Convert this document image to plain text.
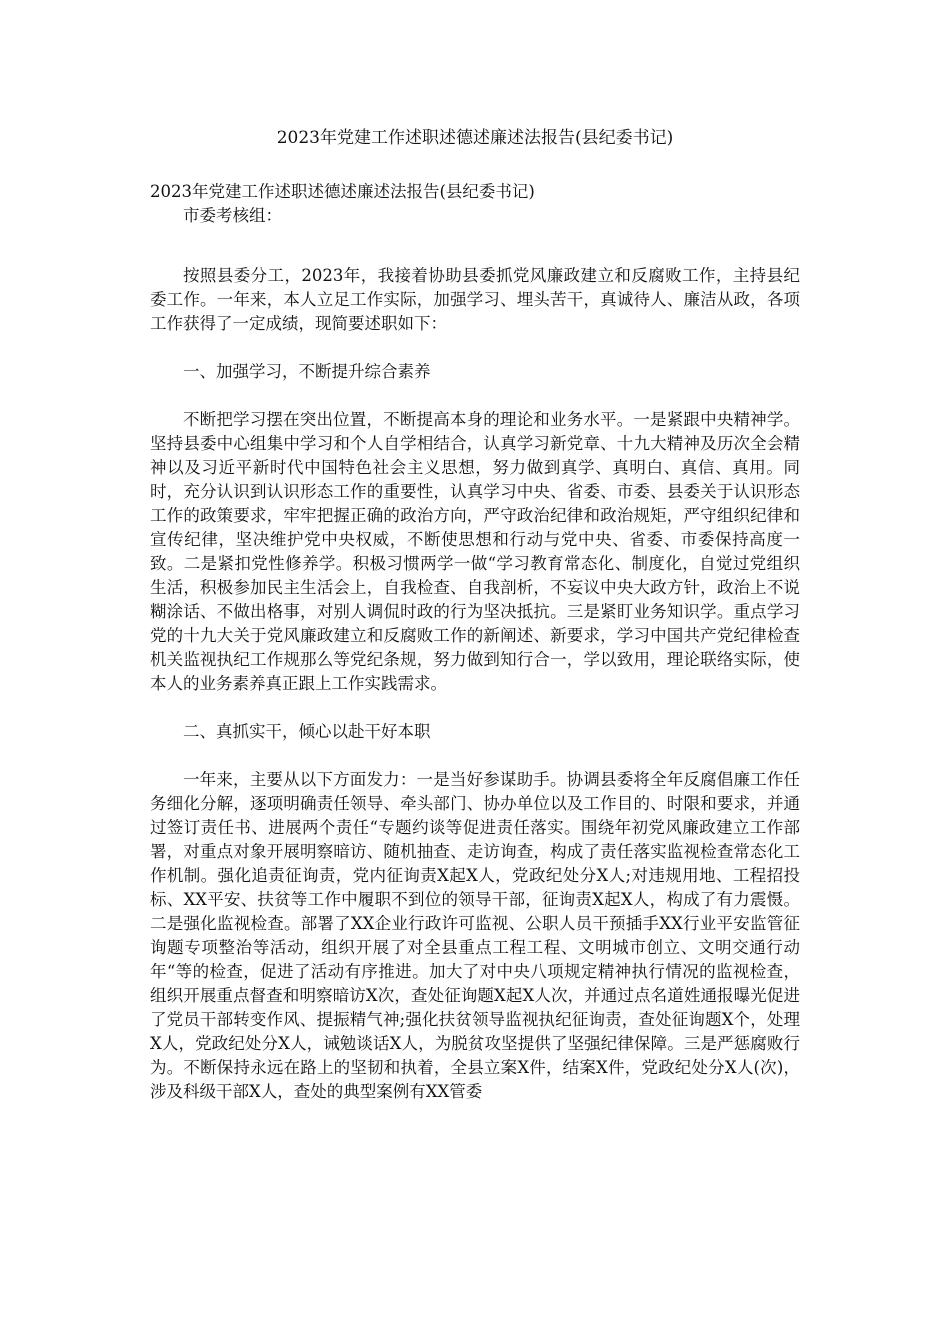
2023年党建工作述职述德述廉述法报告(县纪委书记)

2023年党建工作述职述德述廉述法报告(县纪委书记)

市委考核组：

按照县委分工，2023年，我接着协助县委抓党风廉政建立和反腐败工作，主持县纪委工作。一年来，本人立足工作实际，加强学习、埋头苦干，真诚待人、廉洁从政，各项工作获得了一定成绩，现简要述职如下：

一、加强学习，不断提升综合素养

不断把学习摆在突出位置，不断提高本身的理论和业务水平。一是紧跟中央精神学。坚持县委中心组集中学习和个人自学相结合，认真学习新党章、十九大精神及历次全会精神以及习近平新时代中国特色社会主义思想，努力做到真学、真明白、真信、真用。同时，充分认识到认识形态工作的重要性，认真学习中央、省委、市委、县委关于认识形态工作的政策要求，牢牢把握正确的政治方向，严守政治纪律和政治规矩，严守组织纪律和宣传纪律，坚决维护党中央权威，不断使思想和行动与党中央、省委、市委保持高度一致。二是紧扣党性修养学。积极习惯两学一做“学习教育常态化、制度化，自觉过党组织生活，积极参加民主生活会上，自我检查、自我剖析，不妄议中央大政方针，政治上不说糊涂话、不做出格事，对别人调侃时政的行为坚决抵抗。三是紧盯业务知识学。重点学习党的十九大关于党风廉政建立和反腐败工作的新阐述、新要求，学习中国共产党纪律检查机关监视执纪工作规那么等党纪条规，努力做到知行合一，学以致用，理论联络实际，使本人的业务素养真正跟上工作实践需求。

二、真抓实干，倾心以赴干好本职

一年来，主要从以下方面发力：一是当好参谋助手。协调县委将全年反腐倡廉工作任务细化分解，逐项明确责任领导、牵头部门、协办单位以及工作目的、时限和要求，并通过签订责任书、进展两个责任“专题约谈等促进责任落实。围绕年初党风廉政建立工作部署，对重点对象开展明察暗访、随机抽查、走访询查，构成了责任落实监视检查常态化工作机制。强化追责征询责，党内征询责X起X人，党政纪处分X人;对违规用地、工程招投标、XX平安、扶贫等工作中履职不到位的领导干部，征询责X起X人，构成了有力震慑。二是强化监视检查。部署了XX企业行政许可监视、公职人员干预插手XX行业平安监管征询题专项整治等活动，组织开展了对全县重点工程工程、文明城市创立、文明交通行动年“等的检查，促进了活动有序推进。加大了对中央八项规定精神执行情况的监视检查，组织开展重点督查和明察暗访X次，查处征询题X起X人次，并通过点名道姓通报曝光促进了党员干部转变作风、提振精气神;强化扶贫领导监视执纪征询责，查处征询题X个，处理X人，党政纪处分X人，诫勉谈话X人，为脱贫攻坚提供了坚强纪律保障。三是严惩腐败行为。不断保持永远在路上的坚韧和执着，全县立案X件，结案X件，党政纪处分X人(次)，涉及科级干部X人，查处的典型案例有XX管委
